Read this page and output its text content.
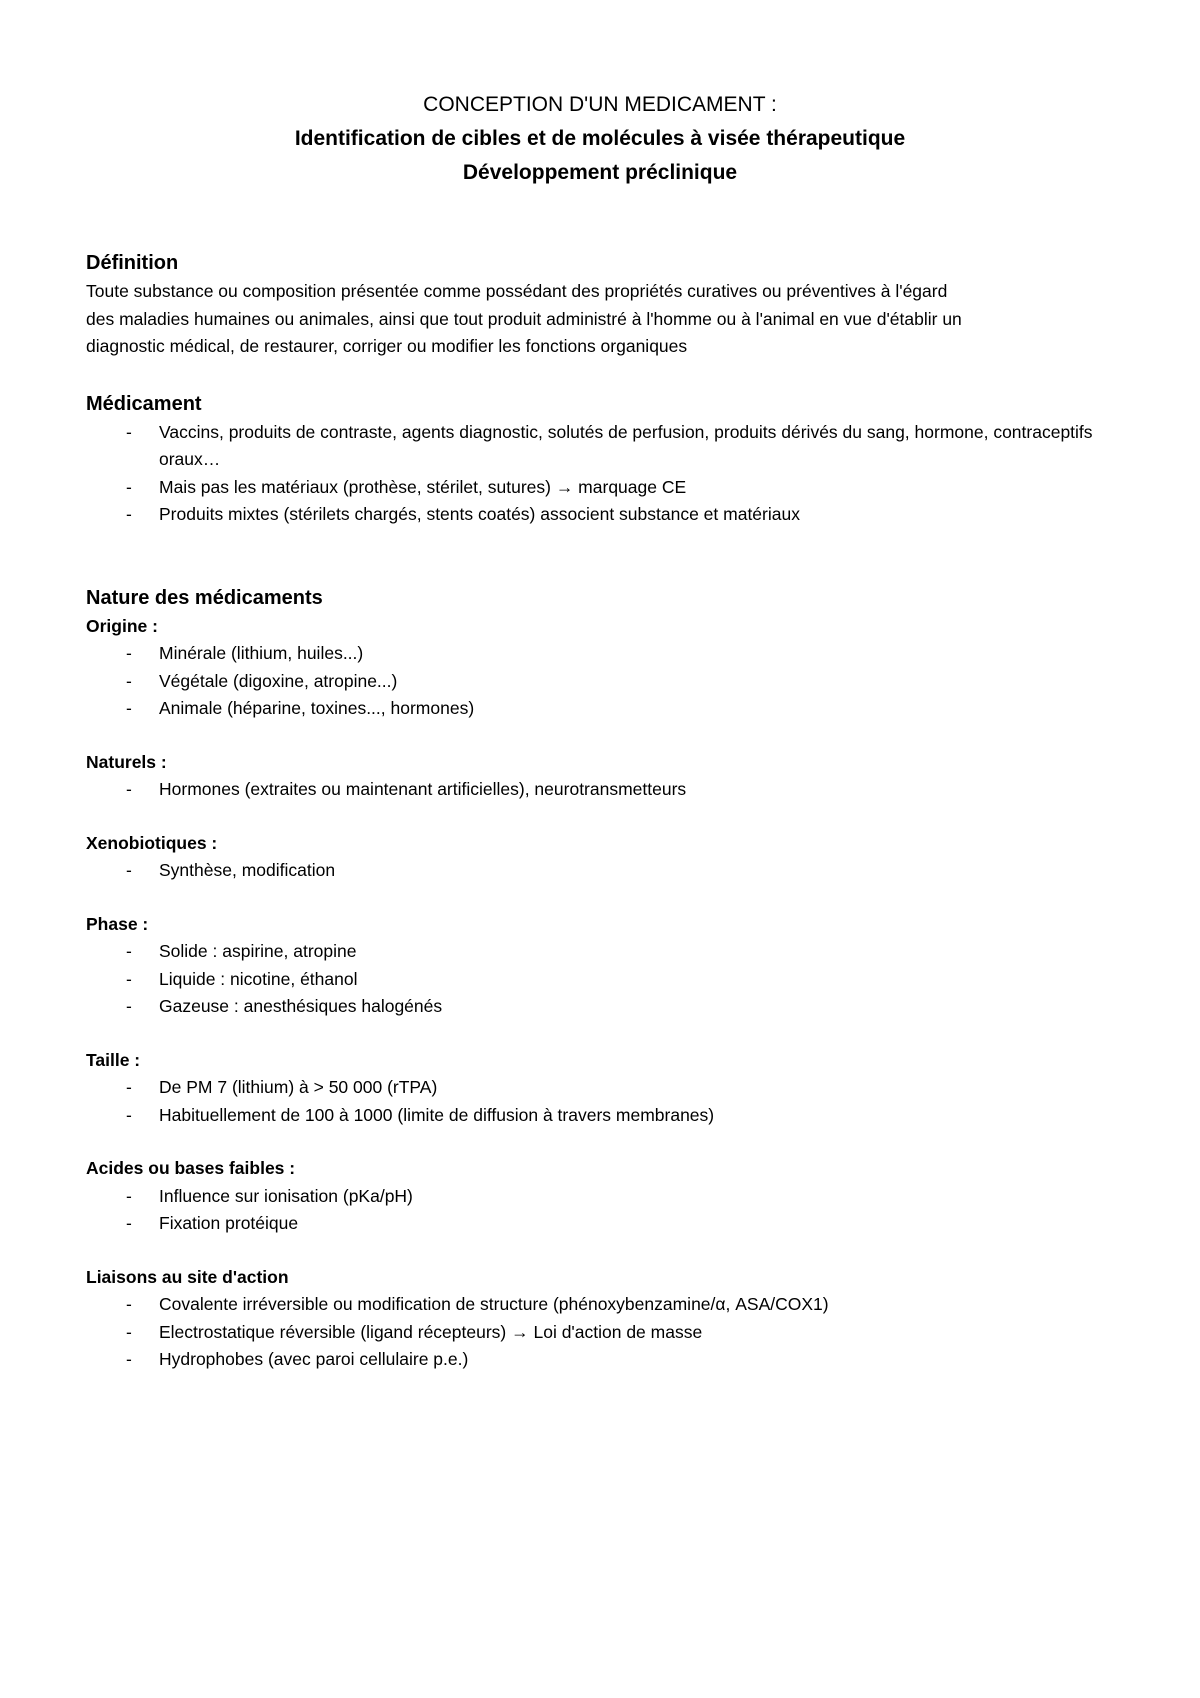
CONCEPTION D'UN MEDICAMENT :
Identification de cibles et de molécules à visée thérapeutique
Développement préclinique
Définition
Toute substance ou composition présentée comme possédant des propriétés curatives ou préventives à l'égard
des maladies humaines ou animales, ainsi que tout produit administré à l'homme ou à l'animal en vue d'établir un
diagnostic médical, de restaurer, corriger ou modifier les fonctions organiques
Médicament
- Vaccins, produits de contraste, agents diagnostic, solutés de perfusion, produits dérivés du sang, hormone, contraceptifs oraux…
- Mais pas les matériaux (prothèse, stérilet, sutures) → marquage CE
- Produits mixtes (stérilets chargés, stents coatés) associent substance et matériaux
Nature des médicaments
Origine :
- Minérale (lithium, huiles...)
- Végétale (digoxine, atropine...)
- Animale (héparine, toxines..., hormones)
Naturels :
- Hormones (extraites ou maintenant artificielles), neurotransmetteurs
Xenobiotiques :
- Synthèse, modification
Phase :
- Solide : aspirine, atropine
- Liquide : nicotine, éthanol
- Gazeuse : anesthésiques halogénés
Taille :
- De PM 7 (lithium) à > 50 000 (rTPA)
- Habituellement de 100 à 1000 (limite de diffusion à travers membranes)
Acides ou bases faibles :
- Influence sur ionisation (pKa/pH)
- Fixation protéique
Liaisons au site d'action
- Covalente irréversible ou modification de structure (phénoxybenzamine/α, ASA/COX1)
- Electrostatique réversible (ligand récepteurs) → Loi d'action de masse
- Hydrophobes (avec paroi cellulaire p.e.)
